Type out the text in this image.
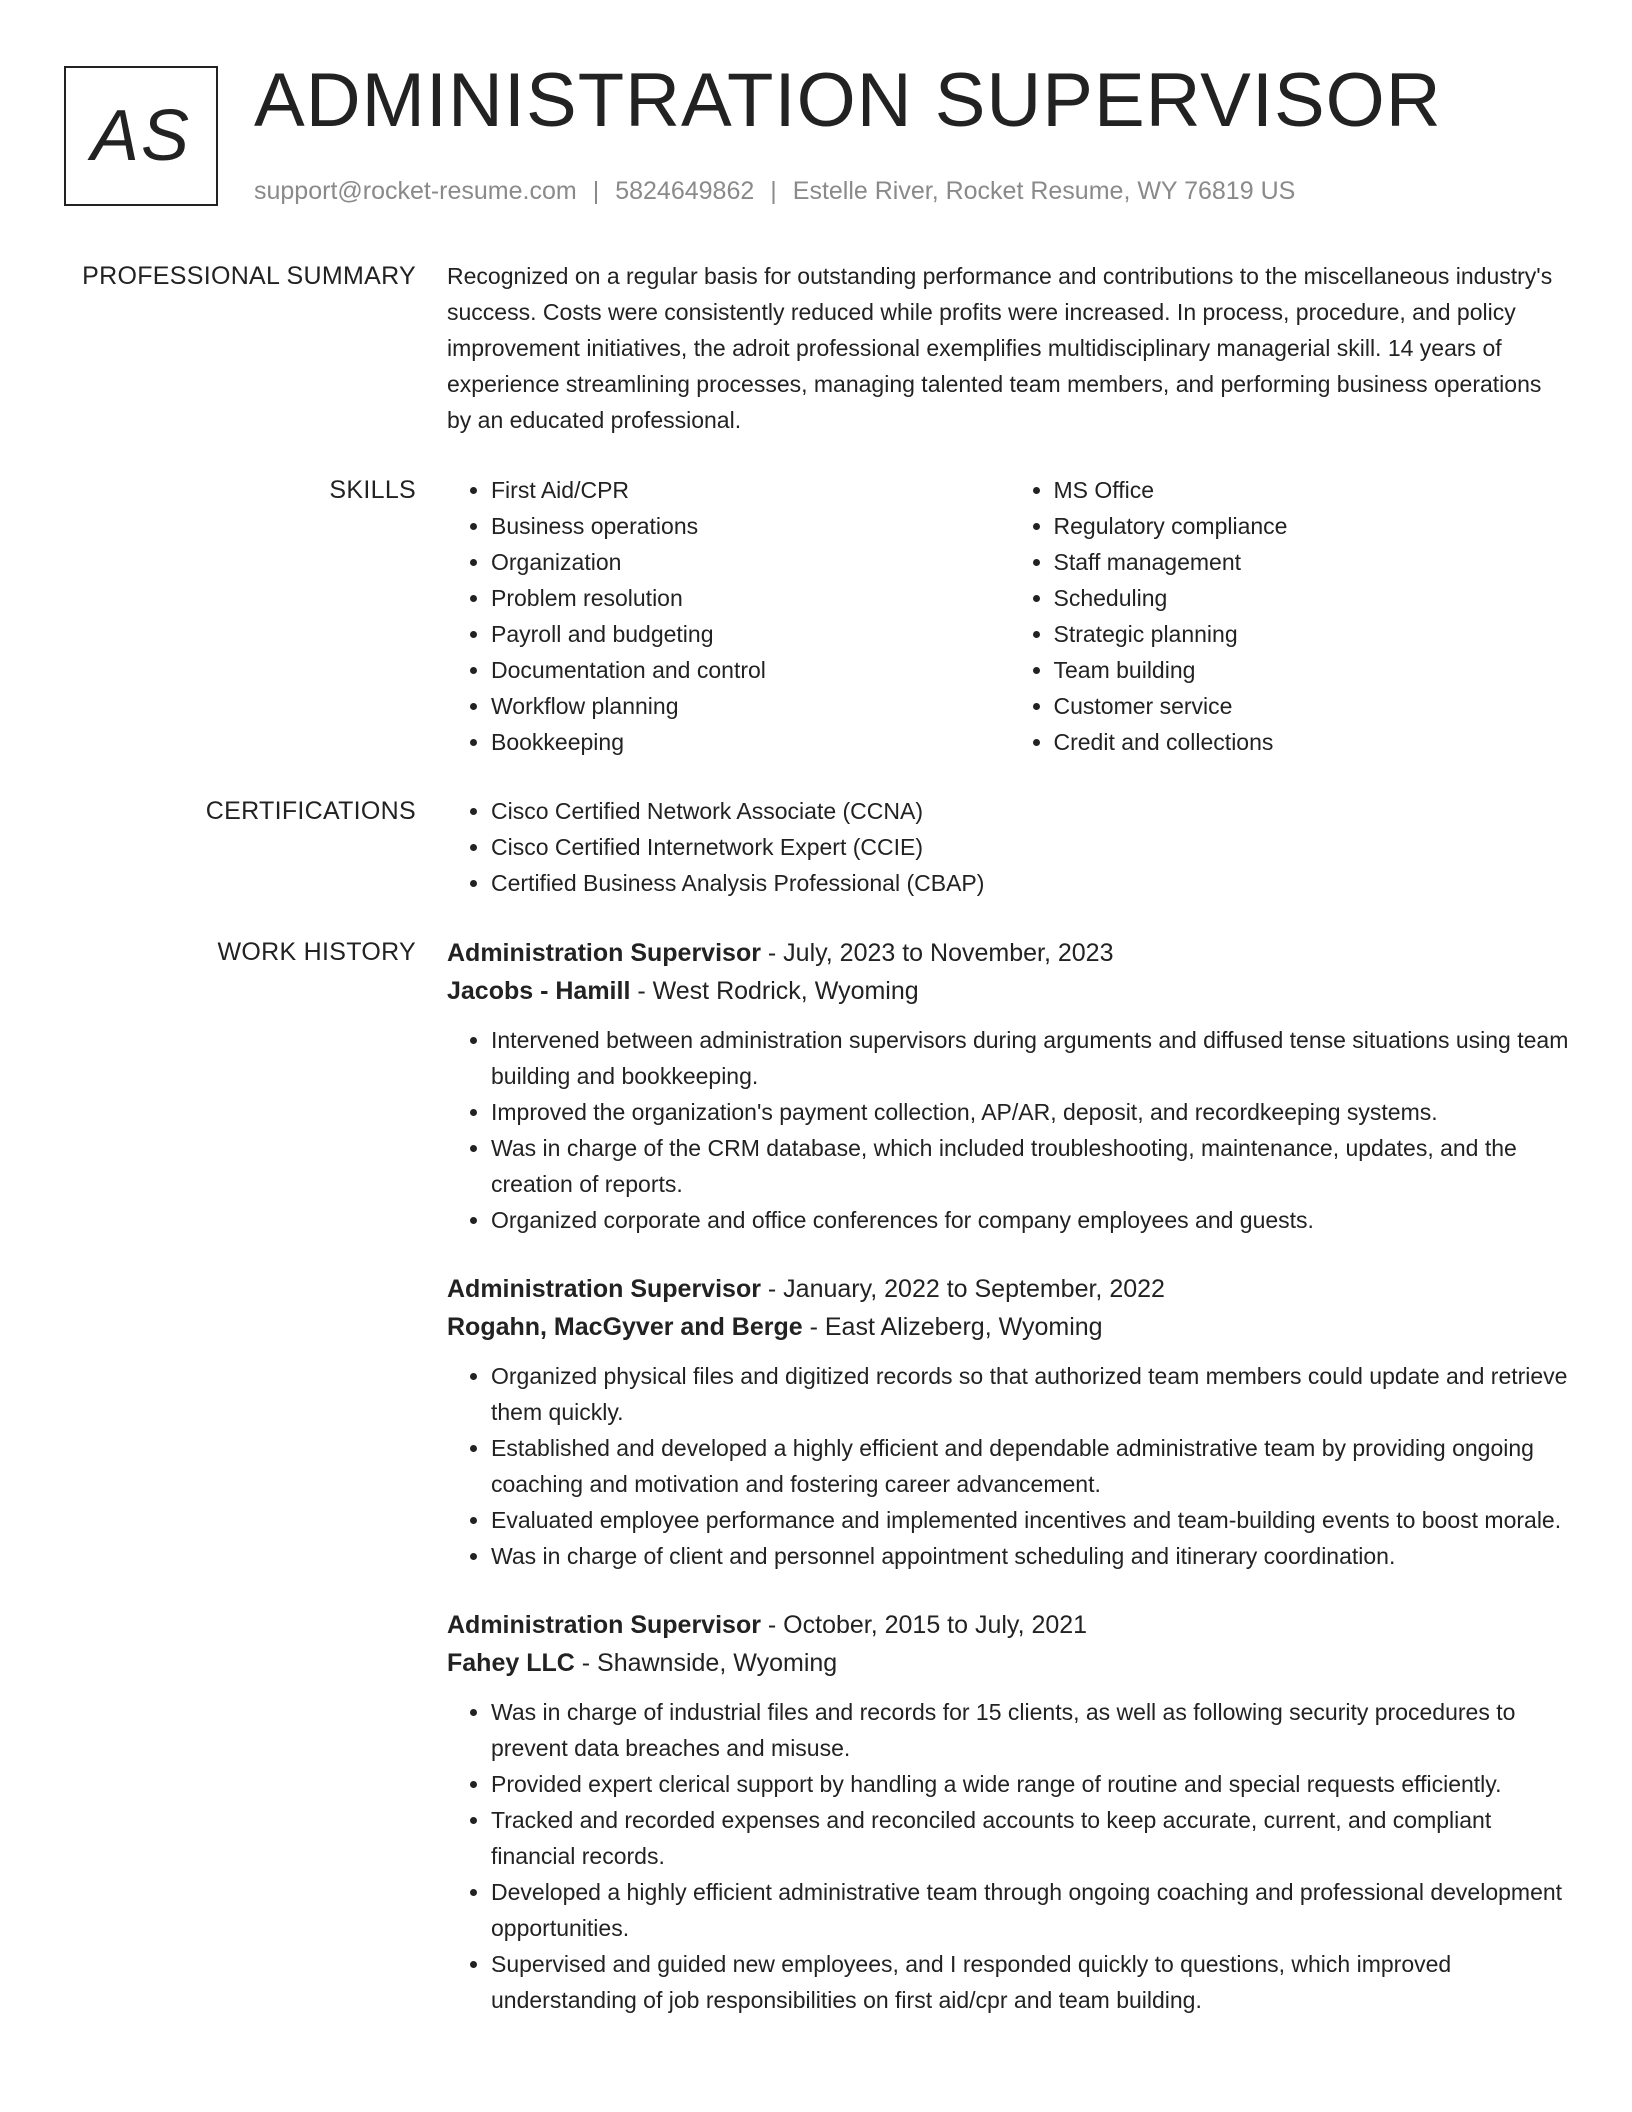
AS ADMINISTRATION SUPERVISOR
support@rocket-resume.com | 5824649862 | Estelle River, Rocket Resume, WY 76819 US
PROFESSIONAL SUMMARY Recognized on a regular basis for outstanding performance and contributions to the miscellaneous industry's success. Costs were consistently reduced while profits were increased. In process, procedure, and policy improvement initiatives, the adroit professional exemplifies multidisciplinary managerial skill. 14 years of experience streamlining processes, managing talented team members, and performing business operations by an educated professional.

SKILLS	• First Aid/CPR
• Business operations
• Organization
• Problem resolution
• Payroll and budgeting
• Documentation and control
• Workflow planning
• Bookkeeping
• MS Office
• Regulatory compliance
• Staff management
• Scheduling
• Strategic planning
• Team building
• Customer service
• Credit and collections
CERTIFICATIONS	• Cisco Certified Network Associate (CCNA)
• Cisco Certified Internetwork Expert (CCIE)
• Certified Business Analysis Professional (CBAP)
WORK HISTORY Administration Supervisor - July, 2023 to November, 2023
Jacobs - Hamill - West Rodrick, Wyoming
• Intervened between administration supervisors during arguments and diffused tense situations using team building and bookkeeping.
• Improved the organization's payment collection, AP/AR, deposit, and recordkeeping systems.
• Was in charge of the CRM database, which included troubleshooting, maintenance, updates, and the creation of reports.
• Organized corporate and office conferences for company employees and guests.
Administration Supervisor - January, 2022 to September, 2022
Rogahn, MacGyver and Berge - East Alizeberg, Wyoming
• Organized physical files and digitized records so that authorized team members could update and retrieve them quickly.
• Established and developed a highly efficient and dependable administrative team by providing ongoing coaching and motivation and fostering career advancement.
• Evaluated employee performance and implemented incentives and team-building events to boost morale.
• Was in charge of client and personnel appointment scheduling and itinerary coordination.
Administration Supervisor - October, 2015 to July, 2021
Fahey LLC - Shawnside, Wyoming
• Was in charge of industrial files and records for 15 clients, as well as following security procedures to prevent data breaches and misuse.
• Provided expert clerical support by handling a wide range of routine and special requests efficiently.
• Tracked and recorded expenses and reconciled accounts to keep accurate, current, and compliant financial records.
• Developed a highly efficient administrative team through ongoing coaching and professional development opportunities.
• Supervised and guided new employees, and I responded quickly to questions, which improved understanding of job responsibilities on first aid/cpr and team building.
